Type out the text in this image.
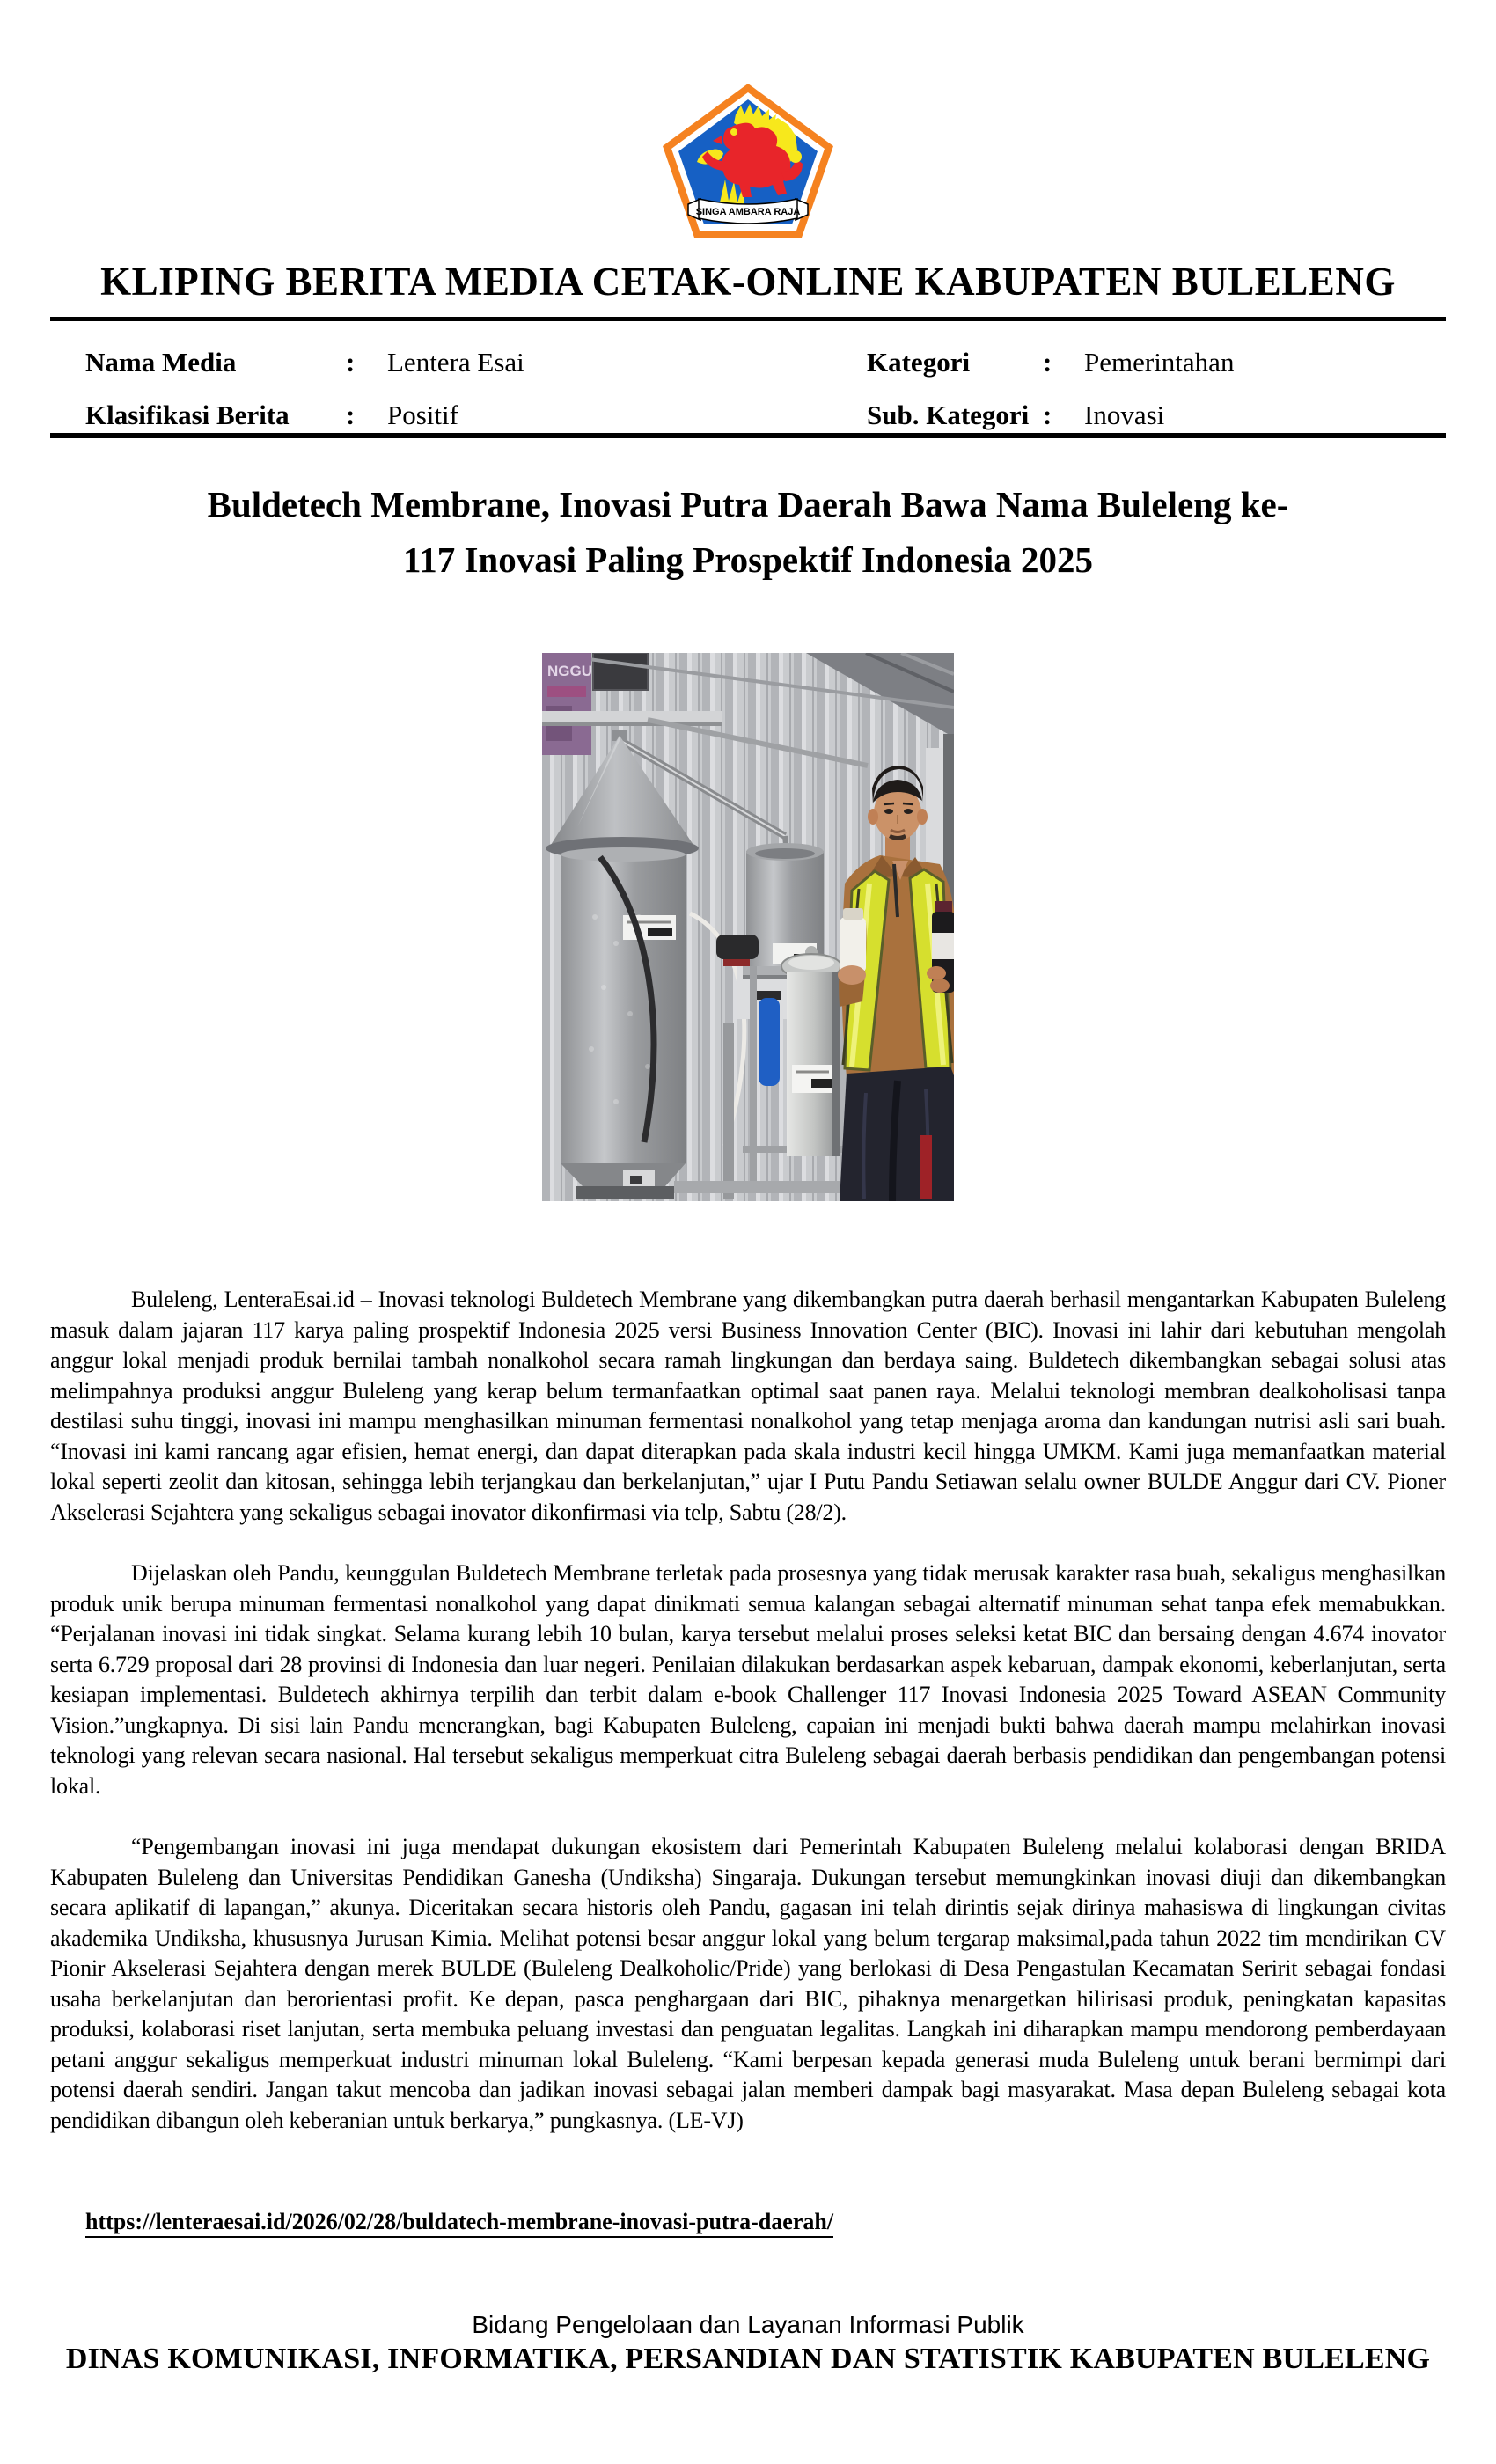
SINGA AMBARA RAJA
KLIPING BERITA MEDIA CETAK-ONLINE KABUPATEN BULELENG
Nama Media	:	Lentera Esai	Kategori	:	Pemerintahan
Klasifikasi Berita	:	Positif	Sub. Kategori :	Inovasi
Buldetech Membrane, Inovasi Putra Daerah Bawa Nama Buleleng ke-117 Inovasi Paling Prospektif Indonesia 2025
NGGU

Buleleng, LenteraEsai.id – Inovasi teknologi Buldetech Membrane yang dikembangkan putra daerah berhasil mengantarkan Kabupaten Buleleng masuk dalam jajaran 117 karya paling prospektif Indonesia 2025 versi Business Innovation Center (BIC). Inovasi ini lahir dari kebutuhan mengolah anggur lokal menjadi produk bernilai tambah nonalkohol secara ramah lingkungan dan berdaya saing. Buldetech dikembangkan sebagai solusi atas melimpahnya produksi anggur Buleleng yang kerap belum termanfaatkan optimal saat panen raya. Melalui teknologi membran dealkoholisasi tanpa destilasi suhu tinggi, inovasi ini mampu menghasilkan minuman fermentasi nonalkohol yang tetap menjaga aroma dan kandungan nutrisi asli sari buah. “Inovasi ini kami rancang agar efisien, hemat energi, dan dapat diterapkan pada skala industri kecil hingga UMKM. Kami juga memanfaatkan material lokal seperti zeolit dan kitosan, sehingga lebih terjangkau dan berkelanjutan,” ujar I Putu Pandu Setiawan selalu owner BULDE Anggur dari CV. Pioner Akselerasi Sejahtera yang sekaligus sebagai inovator dikonfirmasi via telp, Sabtu (28/2).

Dijelaskan oleh Pandu, keunggulan Buldetech Membrane terletak pada prosesnya yang tidak merusak karakter rasa buah, sekaligus menghasilkan produk unik berupa minuman fermentasi nonalkohol yang dapat dinikmati semua kalangan sebagai alternatif minuman sehat tanpa efek memabukkan. “Perjalanan inovasi ini tidak singkat. Selama kurang lebih 10 bulan, karya tersebut melalui proses seleksi ketat BIC dan bersaing dengan 4.674 inovator serta 6.729 proposal dari 28 provinsi di Indonesia dan luar negeri. Penilaian dilakukan berdasarkan aspek kebaruan, dampak ekonomi, keberlanjutan, serta kesiapan implementasi. Buldetech akhirnya terpilih dan terbit dalam e-book Challenger 117 Inovasi Indonesia 2025 Toward ASEAN Community Vision.”ungkapnya. Di sisi lain Pandu menerangkan, bagi Kabupaten Buleleng, capaian ini menjadi bukti bahwa daerah mampu melahirkan inovasi teknologi yang relevan secara nasional. Hal tersebut sekaligus memperkuat citra Buleleng sebagai daerah berbasis pendidikan dan pengembangan potensi lokal.

“Pengembangan inovasi ini juga mendapat dukungan ekosistem dari Pemerintah Kabupaten Buleleng melalui kolaborasi dengan BRIDA Kabupaten Buleleng dan Universitas Pendidikan Ganesha (Undiksha) Singaraja. Dukungan tersebut memungkinkan inovasi diuji dan dikembangkan secara aplikatif di lapangan,” akunya. Diceritakan secara historis oleh Pandu, gagasan ini telah dirintis sejak dirinya mahasiswa di lingkungan civitas akademika Undiksha, khususnya Jurusan Kimia. Melihat potensi besar anggur lokal yang belum tergarap maksimal,pada tahun 2022 tim mendirikan CV Pionir Akselerasi Sejahtera dengan merek BULDE (Buleleng Dealkoholic/Pride) yang berlokasi di Desa Pengastulan Kecamatan Seririt sebagai fondasi usaha berkelanjutan dan berorientasi profit. Ke depan, pasca penghargaan dari BIC, pihaknya menargetkan hilirisasi produk, peningkatan kapasitas produksi, kolaborasi riset lanjutan, serta membuka peluang investasi dan penguatan legalitas. Langkah ini diharapkan mampu mendorong pemberdayaan petani anggur sekaligus memperkuat industri minuman lokal Buleleng. “Kami berpesan kepada generasi muda Buleleng untuk berani bermimpi dari potensi daerah sendiri. Jangan takut mencoba dan jadikan inovasi sebagai jalan memberi dampak bagi masyarakat. Masa depan Buleleng sebagai kota pendidikan dibangun oleh keberanian untuk berkarya,” pungkasnya. (LE-VJ)

https://lenteraesai.id/2026/02/28/buldatech-membrane-inovasi-putra-daerah/
Bidang Pengelolaan dan Layanan Informasi Publik
DINAS KOMUNIKASI, INFORMATIKA, PERSANDIAN DAN STATISTIK KABUPATEN BULELENG
